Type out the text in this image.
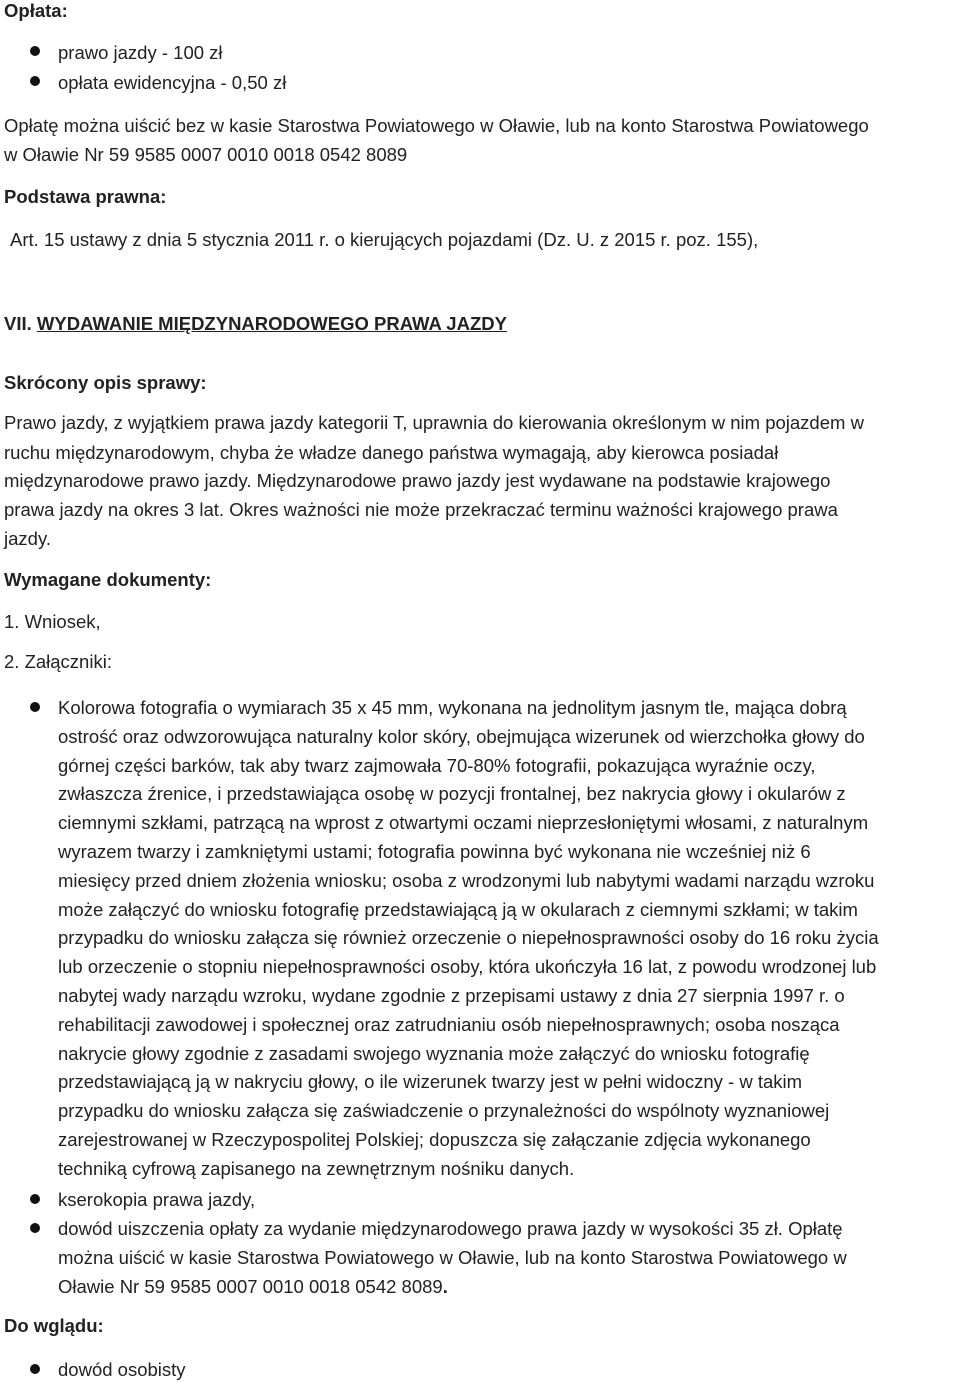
Opłata:
prawo jazdy - 100 zł
opłata ewidencyjna - 0,50 zł
Opłatę można uiścić bez w kasie Starostwa Powiatowego w Oławie, lub na konto Starostwa Powiatowego
w Oławie Nr 59 9585 0007 0010 0018 0542 8089
Podstawa prawna:
Art. 15 ustawy z dnia 5 stycznia 2011 r. o kierujących pojazdami (Dz. U. z 2015 r. poz. 155),
VII. WYDAWANIE MIĘDZYNARODOWEGO PRAWA JAZDY
Skrócony opis sprawy:
Prawo jazdy, z wyjątkiem prawa jazdy kategorii T, uprawnia do kierowania określonym w nim pojazdem w
ruchu międzynarodowym, chyba że władze danego państwa wymagają, aby kierowca posiadał
międzynarodowe prawo jazdy. Międzynarodowe prawo jazdy jest wydawane na podstawie krajowego
prawa jazdy na okres 3 lat. Okres ważności nie może przekraczać terminu ważności krajowego prawa
jazdy.
Wymagane dokumenty:
1. Wniosek,
2. Załączniki:
Kolorowa fotografia o wymiarach 35 x 45 mm, wykonana na jednolitym jasnym tle, mająca dobrą
ostrość oraz odwzorowująca naturalny kolor skóry, obejmująca wizerunek od wierzchołka głowy do
górnej części barków, tak aby twarz zajmowała 70-80% fotografii, pokazująca wyraźnie oczy,
zwłaszcza źrenice, i przedstawiająca osobę w pozycji frontalnej, bez nakrycia głowy i okularów z
ciemnymi szkłami, patrzącą na wprost z otwartymi oczami nieprzesłoniętymi włosami, z naturalnym
wyrazem twarzy i zamkniętymi ustami; fotografia powinna być wykonana nie wcześniej niż 6
miesięcy przed dniem złożenia wniosku; osoba z wrodzonymi lub nabytymi wadami narządu wzroku
może załączyć do wniosku fotografię przedstawiającą ją w okularach z ciemnymi szkłami; w takim
przypadku do wniosku załącza się również orzeczenie o niepełnosprawności osoby do 16 roku życia
lub orzeczenie o stopniu niepełnosprawności osoby, która ukończyła 16 lat, z powodu wrodzonej lub
nabytej wady narządu wzroku, wydane zgodnie z przepisami ustawy z dnia 27 sierpnia 1997 r. o
rehabilitacji zawodowej i społecznej oraz zatrudnianiu osób niepełnosprawnych; osoba nosząca
nakrycie głowy zgodnie z zasadami swojego wyznania może załączyć do wniosku fotografię
przedstawiającą ją w nakryciu głowy, o ile wizerunek twarzy jest w pełni widoczny - w takim
przypadku do wniosku załącza się zaświadczenie o przynależności do wspólnoty wyznaniowej
zarejestrowanej w Rzeczypospolitej Polskiej; dopuszcza się załączanie zdjęcia wykonanego
techniką cyfrową zapisanego na zewnętrznym nośniku danych.
kserokopia prawa jazdy,
dowód uiszczenia opłaty za wydanie międzynarodowego prawa jazdy w wysokości 35 zł. Opłatę
można uiścić w kasie Starostwa Powiatowego w Oławie, lub na konto Starostwa Powiatowego w
Oławie Nr 59 9585 0007 0010 0018 0542 8089.
Do wglądu:
dowód osobisty
